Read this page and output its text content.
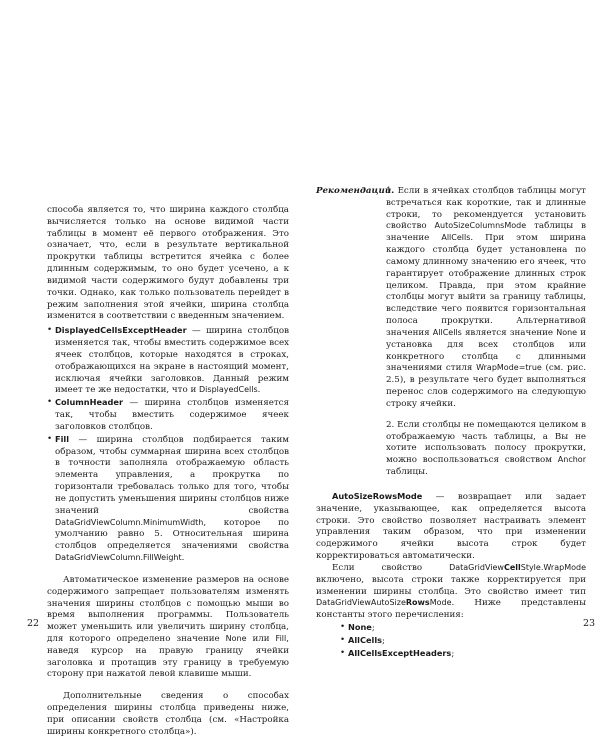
способа является то, что ширина каждого столбца вычисляется только на основе видимой части таблицы в момент её первого отображения. Это означает, что, если в результате вертикальной прокрутки таблицы встретится ячейка с более длинным содержимым, то оно будет усечено, а к видимой части содержимого будут добавлены три точки. Однако, как только пользователь перейдет в режим заполнения этой ячейки, ширина столбца изменится в соответствии с введенным значением.

• DisplayedCellsExceptHeader — ширина столбцов изменяется так, чтобы вместить содержимое всех ячеек столбцов, которые находятся в строках, отображающихся на экране в настоящий момент, исключая ячейки заголовков. Данный режим имеет те же недостатки, что и DisplayedCells.
• ColumnHeader — ширина столбцов изменяется так, чтобы вместить содержимое ячеек заголовков столбцов.
• Fill — ширина столбцов подбирается таким образом, чтобы суммарная ширина всех столбцов в точности заполняла отображаемую область элемента управления, а прокрутка по горизонтали требовалась только для того, чтобы не допустить уменьшения ширины столбцов ниже значений свойства DataGridViewColumn.MinimumWidth, которое по умолчанию равно 5. Относительная ширина столбцов определяется значениями свойства DataGridViewColumn.FillWeight.

Автоматическое изменение размеров на основе содержимого запрещает пользователям изменять значения ширины столбцов с помощью мыши во время выполнения программы. Пользователь может уменьшить или увеличить ширину столбца, для которого определено значение None или Fill, наведя курсор на правую границу ячейки заголовка и протащив эту границу в требуемую сторону при нажатой левой клавише мыши.

Дополнительные сведения о способах определения ширины столбца приведены ниже, при описании свойств столбца (см. «Настройка ширины конкретного столбца»).

22
Рекомендации.

1. Если в ячейках столбцов таблицы могут встречаться как короткие, так и длинные строки, то рекомендуется установить свойство AutoSizeColumnsMode таблицы в значение AllCells. При этом ширина каждого столбца будет установлена по самому длинному значению его ячеек, что гарантирует отображение длинных строк целиком. Правда, при этом крайние столбцы могут выйти за границу таблицы, вследствие чего появится горизонтальная полоса прокрутки. Альтернативой значения AllCells является значение None и установка для всех столбцов или конкретного столбца с длинными значениями стиля WrapMode=true (см. рис. 2.5), в результате чего будет выполняться перенос слов содержимого на следующую строку ячейки.

2. Если столбцы не помещаются целиком в отображаемую часть таблицы, а Вы не хотите использовать полосу прокрутки, можно воспользоваться свойством Anchor таблицы.

AutoSizeRowsMode — возвращает или задает значение, указывающее, как определяется высота строки. Это свойство позволяет настраивать элемент управления таким образом, что при изменении содержимого ячейки высота строк будет корректироваться автоматически.

Если свойство DataGridViewCellStyle.WrapMode включено, высота строки также корректируется при изменении ширины столбца. Это свойство имеет тип DataGridViewAutoSizeRowsMode. Ниже представлены константы этого перечисления:

• None;
• AllCells;
• AllCellsExceptHeaders;
23
